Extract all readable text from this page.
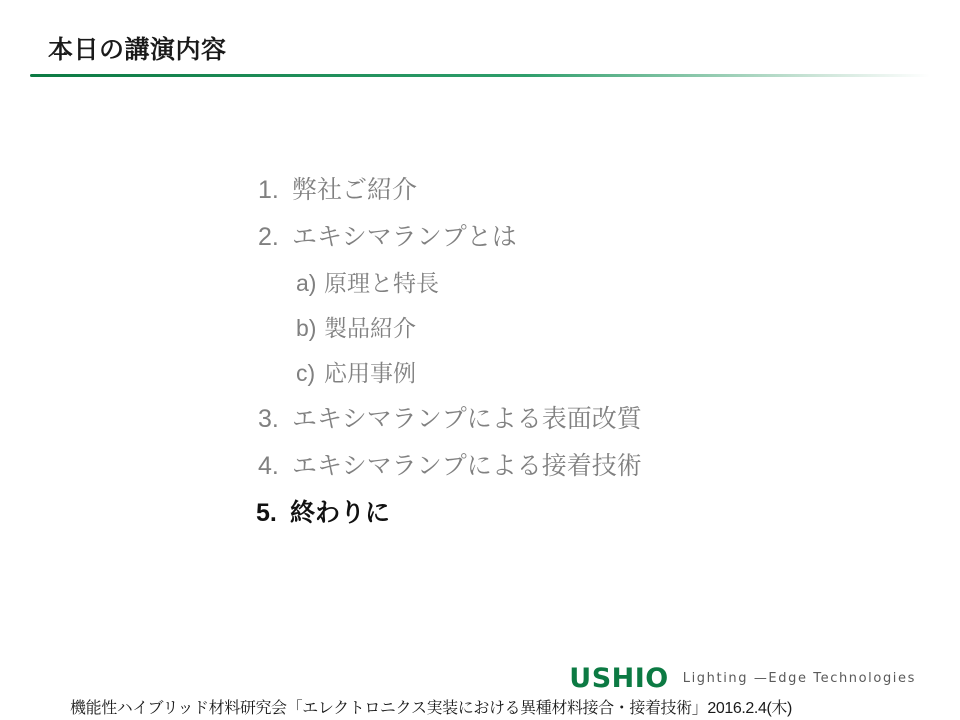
本日の講演内容
1. 弊社ご紹介
2. エキシマランプとは
a) 原理と特長
b) 製品紹介
c) 応用事例
3. エキシマランプによる表面改質
4. エキシマランプによる接着技術
5. 終わりに
USHIO Lighting —Edge Technologies
機能性ハイブリッド材料研究会「エレクトロニクス実装における異種材料接合・接着技術」2016.2.4(木)
